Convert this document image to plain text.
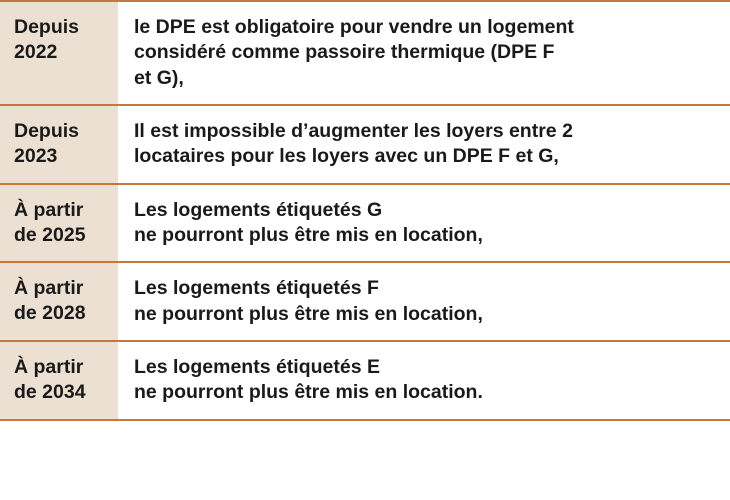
Depuis
2022	le DPE est obligatoire pour vendre un logement
considéré comme passoire thermique (DPE F
et G),

Depuis
2023	Il est impossible d’augmenter les loyers entre 2
locataires pour les loyers avec un DPE F et G,

À partir
de 2025	Les logements étiquetés G
ne pourront plus être mis en location,

À partir
de 2028	Les logements étiquetés F
ne pourront plus être mis en location,

À partir
de 2034	Les logements étiquetés E
ne pourront plus être mis en location.
